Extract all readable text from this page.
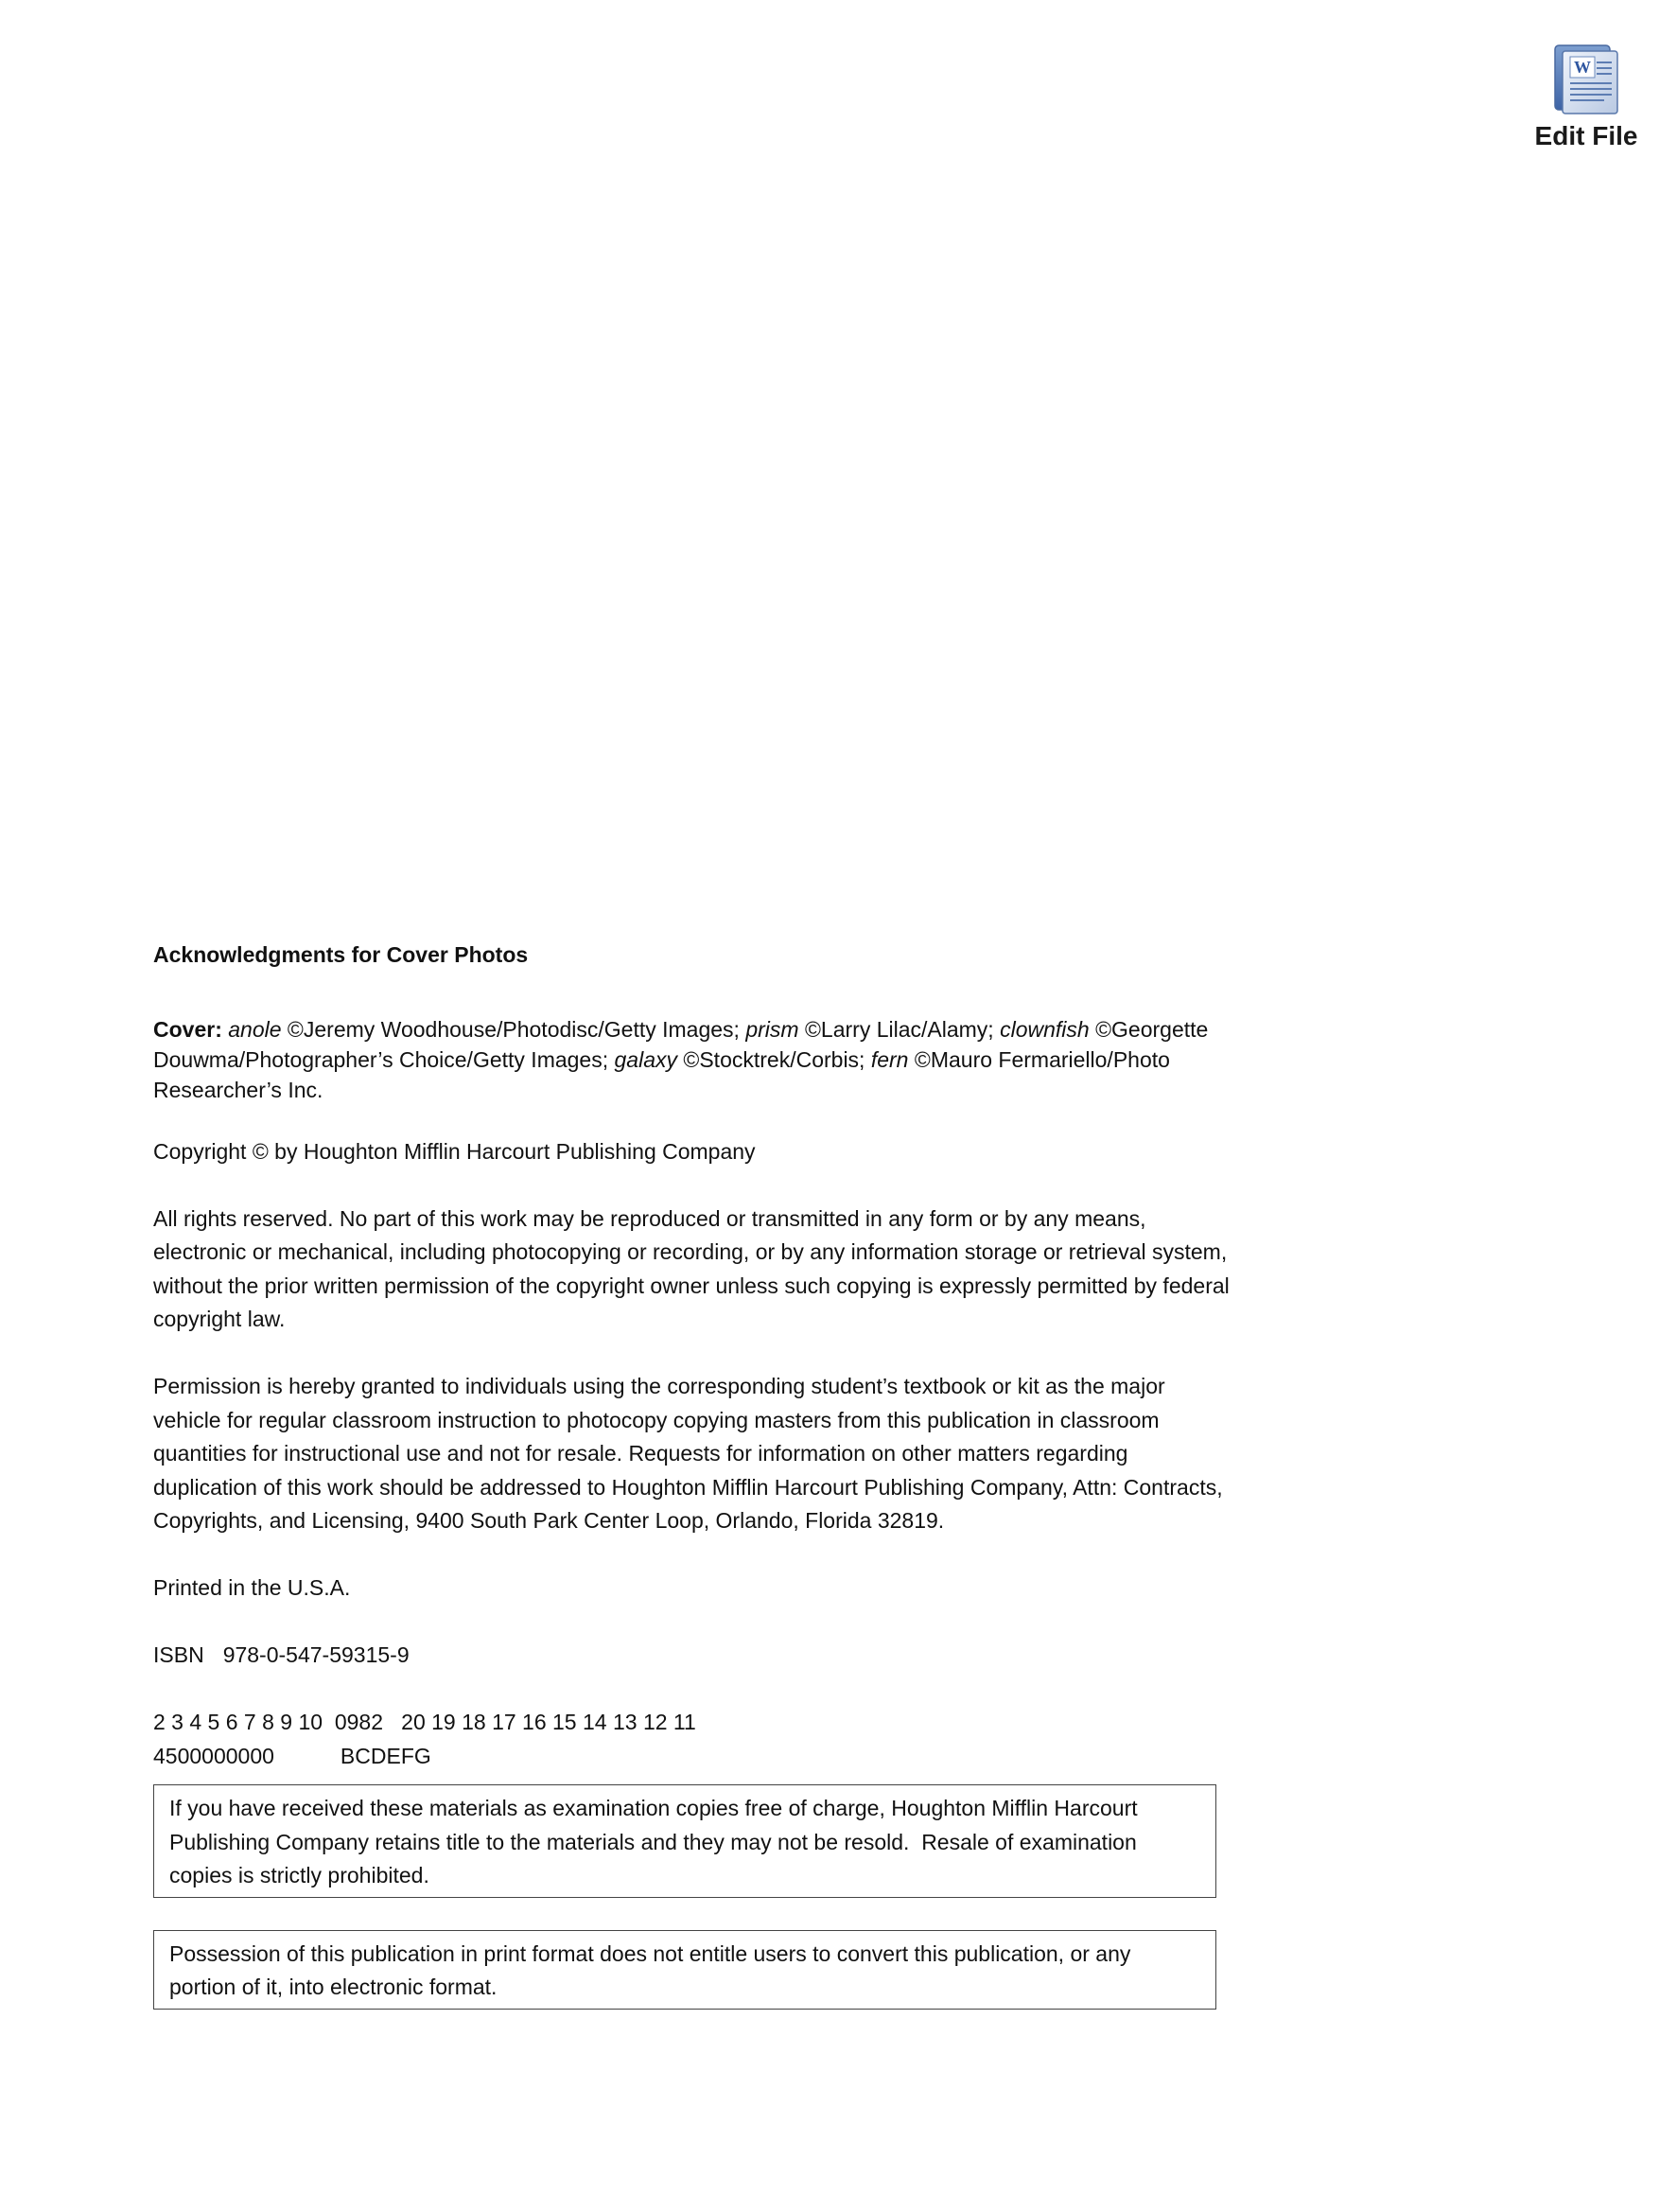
W
Edit File

Acknowledgments for Cover Photos

Cover: anole ©Jeremy Woodhouse/Photodisc/Getty Images; prism ©Larry Lilac/Alamy; clownfish ©Georgette Douwma/Photographer’s Choice/Getty Images; galaxy ©Stocktrek/Corbis; fern ©Mauro Fermariello/Photo Researcher’s Inc.

Copyright © by Houghton Mifflin Harcourt Publishing Company

All rights reserved. No part of this work may be reproduced or transmitted in any form or by any means, electronic or mechanical, including photocopying or recording, or by any information storage or retrieval system, without the prior written permission of the copyright owner unless such copying is expressly permitted by federal copyright law.

Permission is hereby granted to individuals using the corresponding student’s textbook or kit as the major vehicle for regular classroom instruction to photocopy copying masters from this publication in classroom quantities for instructional use and not for resale. Requests for information on other matters regarding duplication of this work should be addressed to Houghton Mifflin Harcourt Publishing Company, Attn: Contracts, Copyrights, and Licensing, 9400 South Park Center Loop, Orlando, Florida 32819.

Printed in the U.S.A.

ISBN 978-0-547-59315-9

2 3 4 5 6 7 8 9 10  0982   20 19 18 17 16 15 14 13 12 11

4500000000	BCDEFG

If you have received these materials as examination copies free of charge, Houghton Mifflin Harcourt Publishing Company retains title to the materials and they may not be resold.  Resale of examination copies is strictly prohibited.

Possession of this publication in print format does not entitle users to convert this publication, or any portion of it, into electronic format.
